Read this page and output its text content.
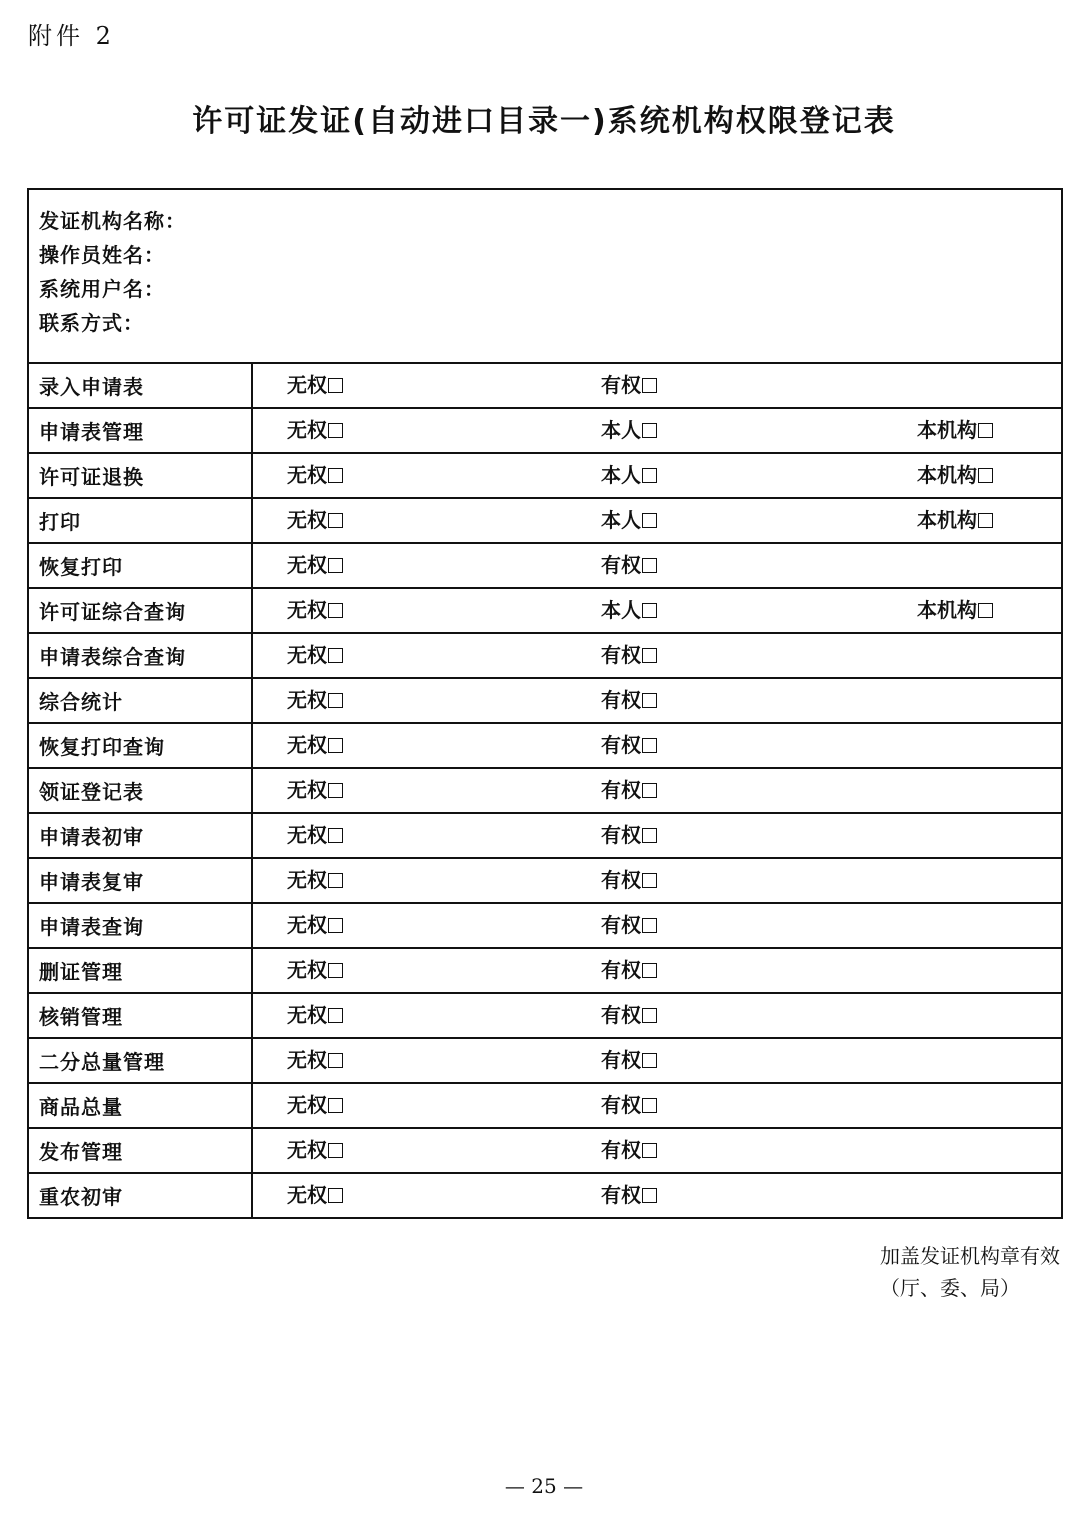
附件 2
许可证发证(自动进口目录一)系统机构权限登记表
发证机构名称：
操作员姓名：
系统用户名：
联系方式：	

录入申请表	无权 有权

申请表管理	无权 本人 本机构

许可证退换	无权 本人 本机构

打印	无权 本人 本机构

恢复打印	无权 有权

许可证综合查询	无权 本人 本机构

申请表综合查询	无权 有权

综合统计	无权 有权

恢复打印查询	无权 有权

领证登记表	无权 有权

申请表初审	无权 有权

申请表复审	无权 有权

申请表查询	无权 有权

删证管理	无权 有权

核销管理	无权 有权

二分总量管理	无权 有权

商品总量	无权 有权

发布管理	无权 有权

重农初审	无权 有权
加盖发证机构章有效
（厅、委、局）
— 25 —
